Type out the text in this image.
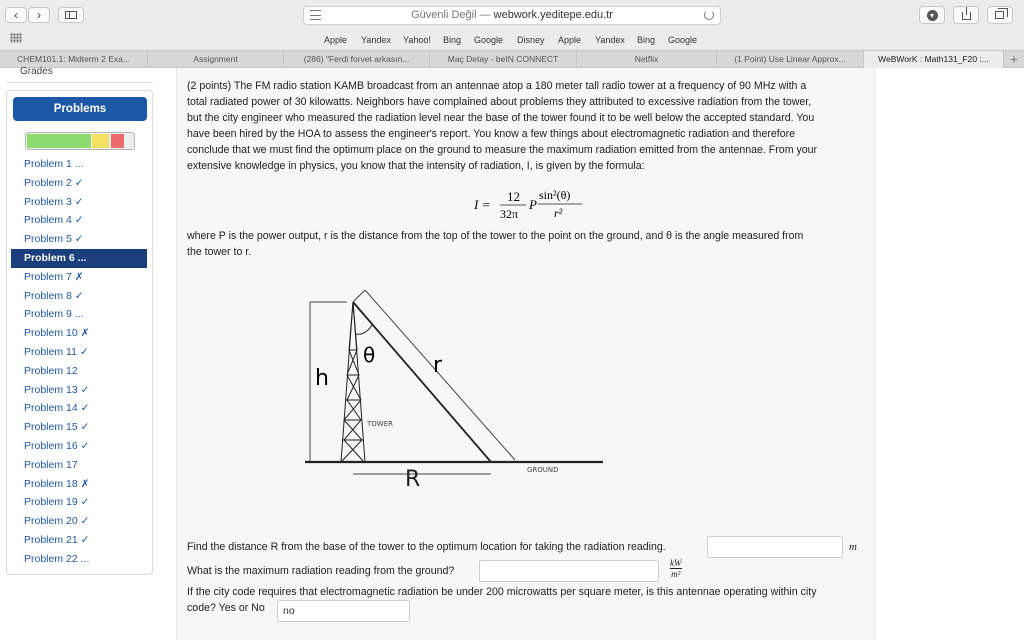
‹	›	Güvenli Değil — webwork.yeditepe.edu.tr
Apple Yandex Yahoo! Bing Google Disney Apple Yandex Bing Google
CHEM101.1: Midterm 2 Exa...	Assignment	(286) "Ferdi forvet arkasın...	Maç Detay - beIN CONNECT	Netflix	(1 Point) Use Linear Approx...	WeBWorK : Math131_F20 :...	+
Grades
Problems
Problem 1 ...
Problem 2 ✓
Problem 3 ✓
Problem 4 ✓
Problem 5 ✓
Problem 6 ...
Problem 7 ✗
Problem 8 ✓
Problem 9 ...
Problem 10 ✗
Problem 11 ✓
Problem 12
Problem 13 ✓
Problem 14 ✓
Problem 15 ✓
Problem 16 ✓
Problem 17
Problem 18 ✗
Problem 19 ✓
Problem 20 ✓
Problem 21 ✓
Problem 22 ...
(2 points) The FM radio station KAMB broadcast from an antennae atop a 180 meter tall radio tower at a frequency of 90 MHz with a
total radiated power of 30 kilowatts. Neighbors have complained about problems they attributed to excessive radiation from the tower,
but the city engineer who measured the radiation level near the base of the tower found it to be well below the accepted standard. You
have been hired by the HOA to assess the engineer's report. You know a few things about electromagnetic radiation and therefore
conclude that we must find the optimum place on the ground to measure the maximum radiation emitted from the antennae. From your
extensive knowledge in physics, you know that the intensity of radiation, I, is given by the formula:
I =
12
32π
P
sin²(θ)
r²
where P is the power output, r is the distance from the top of the tower to the point on the ground, and θ is the angle measured from
the tower to r.
h
TOWER
GROUND
r
θ
R
Find the distance R from the base of the tower to the optimum location for taking the radiation reading.	m
What is the maximum radiation reading from the ground?	$\frac{kW}{\text{m²}}$
If the city code requires that electromagnetic radiation be under 200 microwatts per square meter, is this antennae operating within city
code? Yes or No
no
